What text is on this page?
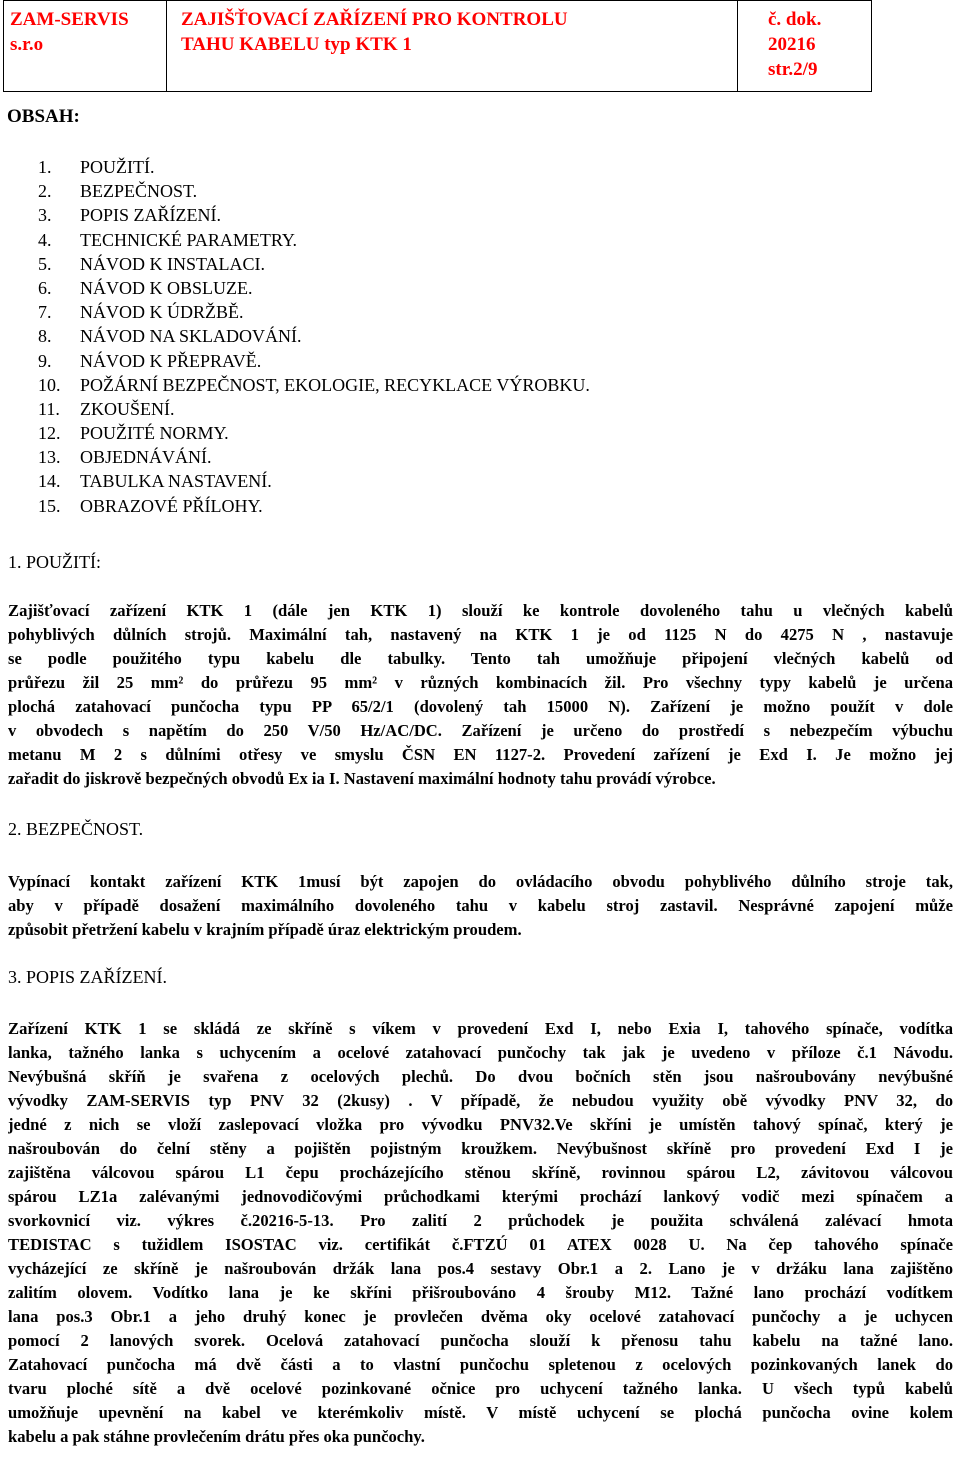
ZAM-SERVIS
s.r.o

ZAJIŠŤOVACÍ ZAŘÍZENÍ PRO KONTROLU
TAHU KABELU typ KTK 1

č. dok.
20216
str.2/9
OBSAH:
1. POUŽITÍ.
2. BEZPEČNOST.
3. POPIS ZAŘÍZENÍ.
4. TECHNICKÉ PARAMETRY.
5. NÁVOD K INSTALACI.
6. NÁVOD K OBSLUZE.
7. NÁVOD K ÚDRŽBĚ.
8. NÁVOD NA SKLADOVÁNÍ.
9. NÁVOD K PŘEPRAVĚ.
10. POŽÁRNÍ BEZPEČNOST, EKOLOGIE, RECYKLACE VÝROBKU.
11. ZKOUŠENÍ.
12. POUŽITÉ NORMY.
13. OBJEDNÁVÁNÍ.
14. TABULKA NASTAVENÍ.
15. OBRAZOVÉ PŘÍLOHY.
1. POUŽITÍ:
Zajišťovací zařízení KTK 1 (dále jen KTK 1) slouží ke kontrole dovoleného tahu u vlečných kabelů
pohyblivých důlních strojů. Maximální tah, nastavený na KTK 1 je od 1125 N do 4275 N , nastavuje
se podle použitého typu kabelu dle tabulky. Tento tah umožňuje připojení vlečných kabelů od
průřezu žil 25 mm² do průřezu 95 mm² v různých kombinacích žil. Pro všechny typy kabelů je určena
plochá zatahovací punčocha typu PP 65/2/1 (dovolený tah 15000 N). Zařízení je možno použít v dole
v obvodech s napětím do 250 V/50 Hz/AC/DC. Zařízení je určeno do prostředí s nebezpečím výbuchu
metanu M 2 s důlními otřesy ve smyslu ČSN EN 1127-2. Provedení zařízení je Exd I. Je možno jej
zařadit do jiskrově bezpečných obvodů Ex ia I. Nastavení maximální hodnoty tahu provádí výrobce.
2. BEZPEČNOST.
Vypínací kontakt zařízení KTK 1musí být zapojen do ovládacího obvodu pohyblivého důlního stroje tak,
aby v případě dosažení maximálního dovoleného tahu v kabelu stroj zastavil. Nesprávné zapojení může
způsobit přetržení kabelu v krajním případě úraz elektrickým proudem.
3. POPIS ZAŘÍZENÍ.
Zařízení KTK 1 se skládá ze skříně s víkem v provedení Exd I, nebo Exia I, tahového spínače, vodítka
lanka, tažného lanka s uchycením a ocelové zatahovací punčochy tak jak je uvedeno v příloze č.1 Návodu.
Nevýbušná skříň je svařena z ocelových plechů. Do dvou bočních stěn jsou našroubovány nevýbušné
vývodky ZAM-SERVIS typ PNV 32 (2kusy) . V případě, že nebudou využity obě vývodky PNV 32, do
jedné z nich se vloží zaslepovací vložka pro vývodku PNV32.Ve skříni je umístěn tahový spínač, který je
našroubován do čelní stěny a pojištěn pojistným kroužkem. Nevýbušnost skříně pro provedení Exd I je
zajištěna válcovou spárou L1 čepu procházejícího stěnou skříně, rovinnou spárou L2, závitovou válcovou
spárou LZ1a zalévanými jednovodičovými průchodkami kterými prochází lankový vodič mezi spínačem a
svorkovnicí viz. výkres č.20216-5-13. Pro zalití 2 průchodek je použita schválená zalévací hmota
TEDISTAC s tužidlem ISOSTAC viz. certifikát č.FTZÚ 01 ATEX 0028 U. Na čep tahového spínače
vycházející ze skříně je našroubován držák lana pos.4 sestavy Obr.1 a 2. Lano je v držáku lana zajištěno
zalitím olovem. Vodítko lana je ke skříni přišroubováno 4 šrouby M12. Tažné lano prochází vodítkem
lana pos.3 Obr.1 a jeho druhý konec je provlečen dvěma oky ocelové zatahovací punčochy a je uchycen
pomocí 2 lanových svorek. Ocelová zatahovací punčocha slouží k přenosu tahu kabelu na tažné lano.
Zatahovací punčocha má dvě části a to vlastní punčochu spletenou z ocelových pozinkovaných lanek do
tvaru ploché sítě a dvě ocelové pozinkované očnice pro uchycení tažného lanka. U všech typů kabelů
umožňuje upevnění na kabel ve kterémkoliv místě. V místě uchycení se plochá punčocha ovine kolem
kabelu a pak stáhne provlečením drátu přes oka punčochy.
